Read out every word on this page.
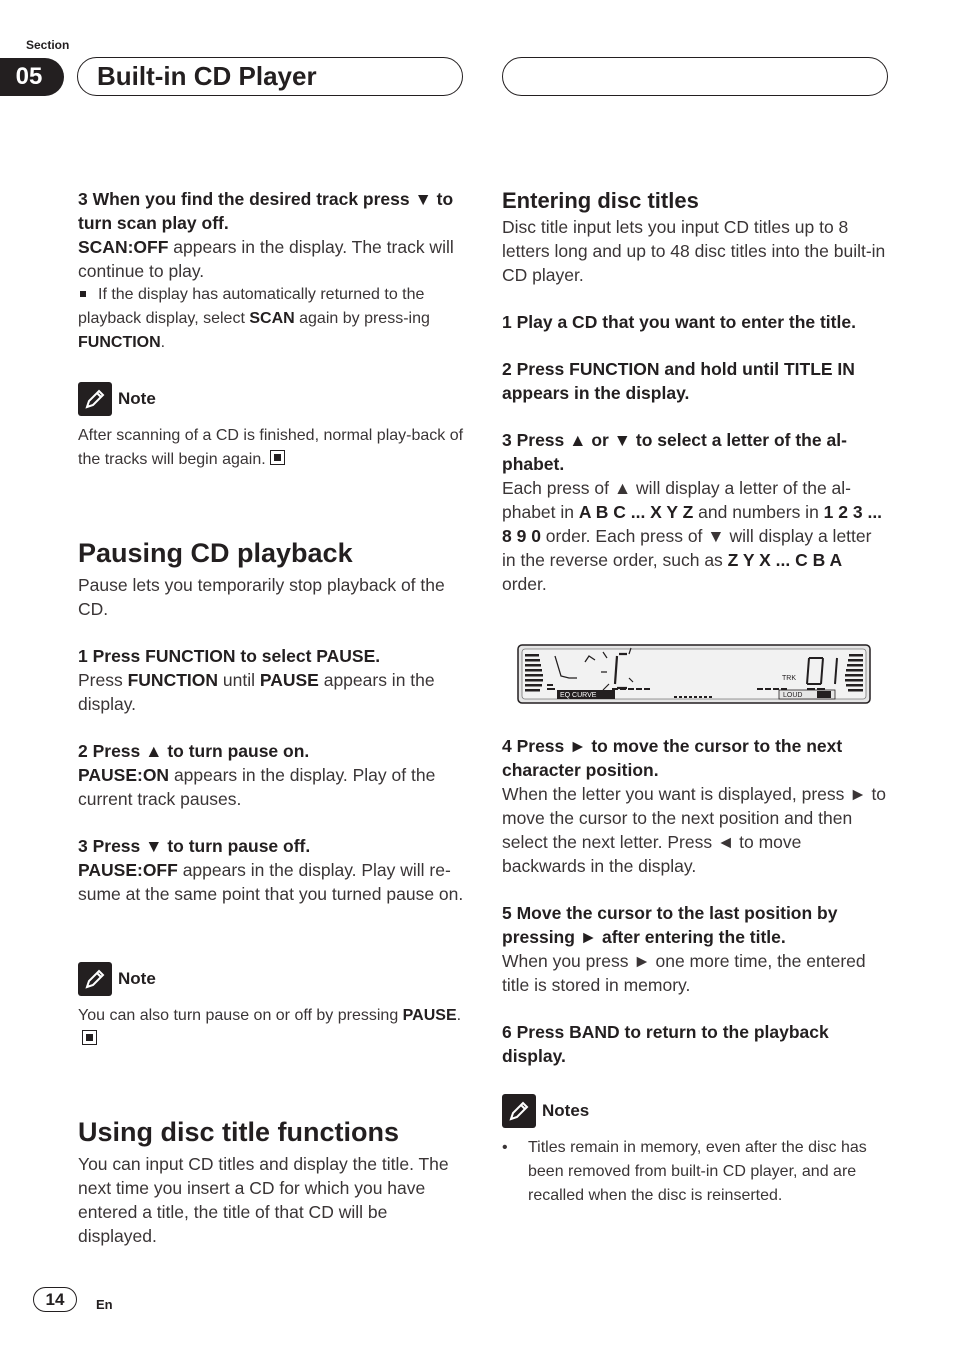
Section
05	Built-in CD Player

3 When you find the desired track press ▼ to turn scan play off.

SCAN:OFF appears in the display. The track will continue to play.

If the display has automatically returned to the playback display, select SCAN again by press-ing FUNCTION.

Note

After scanning of a CD is finished, normal play-back of the tracks will begin again.

Pausing CD playback

Pause lets you temporarily stop playback of the CD.

1 Press FUNCTION to select PAUSE.

Press FUNCTION until PAUSE appears in the display.

2 Press ▲ to turn pause on.

PAUSE:ON appears in the display. Play of the current track pauses.

3 Press ▼ to turn pause off.

PAUSE:OFF appears in the display. Play will re-sume at the same point that you turned pause on.

Note

You can also turn pause on or off by pressing PAUSE.

Using disc title functions

You can input CD titles and display the title. The next time you insert a CD for which you have entered a title, the title of that CD will be displayed.

Entering disc titles

Disc title input lets you input CD titles up to 8 letters long and up to 48 disc titles into the built-in CD player.

1 Play a CD that you want to enter the title.

2 Press FUNCTION and hold until TITLE IN appears in the display.

3 Press ▲ or ▼ to select a letter of the al-phabet.

Each press of ▲ will display a letter of the al-phabet in A B C ... X Y Z and numbers in 1 2 3 ... 8 9 0 order. Each press of ▼ will display a letter in the reverse order, such as Z Y X ... C B A order.

TRK
EQ CURVE	LOUD

4 Press ► to move the cursor to the next character position.

When the letter you want is displayed, press ► to move the cursor to the next position and then select the next letter. Press ◄ to move backwards in the display.

5 Move the cursor to the last position by pressing ► after entering the title.

When you press ► one more time, the entered title is stored in memory.

6 Press BAND to return to the playback display.

Notes
•	Titles remain in memory, even after the disc has been removed from built-in CD player, and are recalled when the disc is reinserted.
14	En
